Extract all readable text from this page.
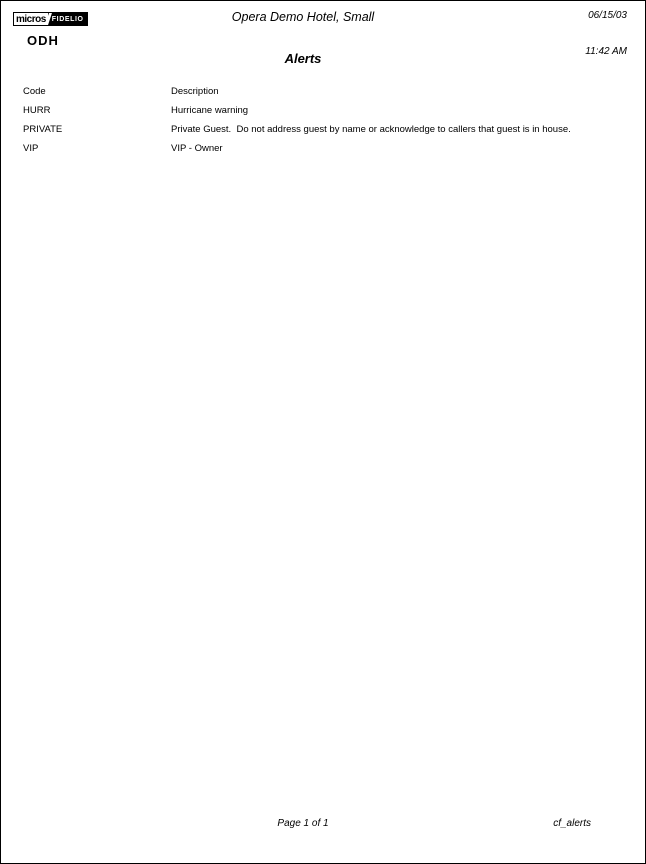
micros FIDELIO
ODH
Opera Demo Hotel, Small
Alerts
06/15/03
11:42 AM
Code	Description
HURR	Hurricane warning
PRIVATE	Private Guest.  Do not address guest by name or acknowledge to callers that guest is in house.
VIP	VIP - Owner
Page 1 of 1	cf_alerts
